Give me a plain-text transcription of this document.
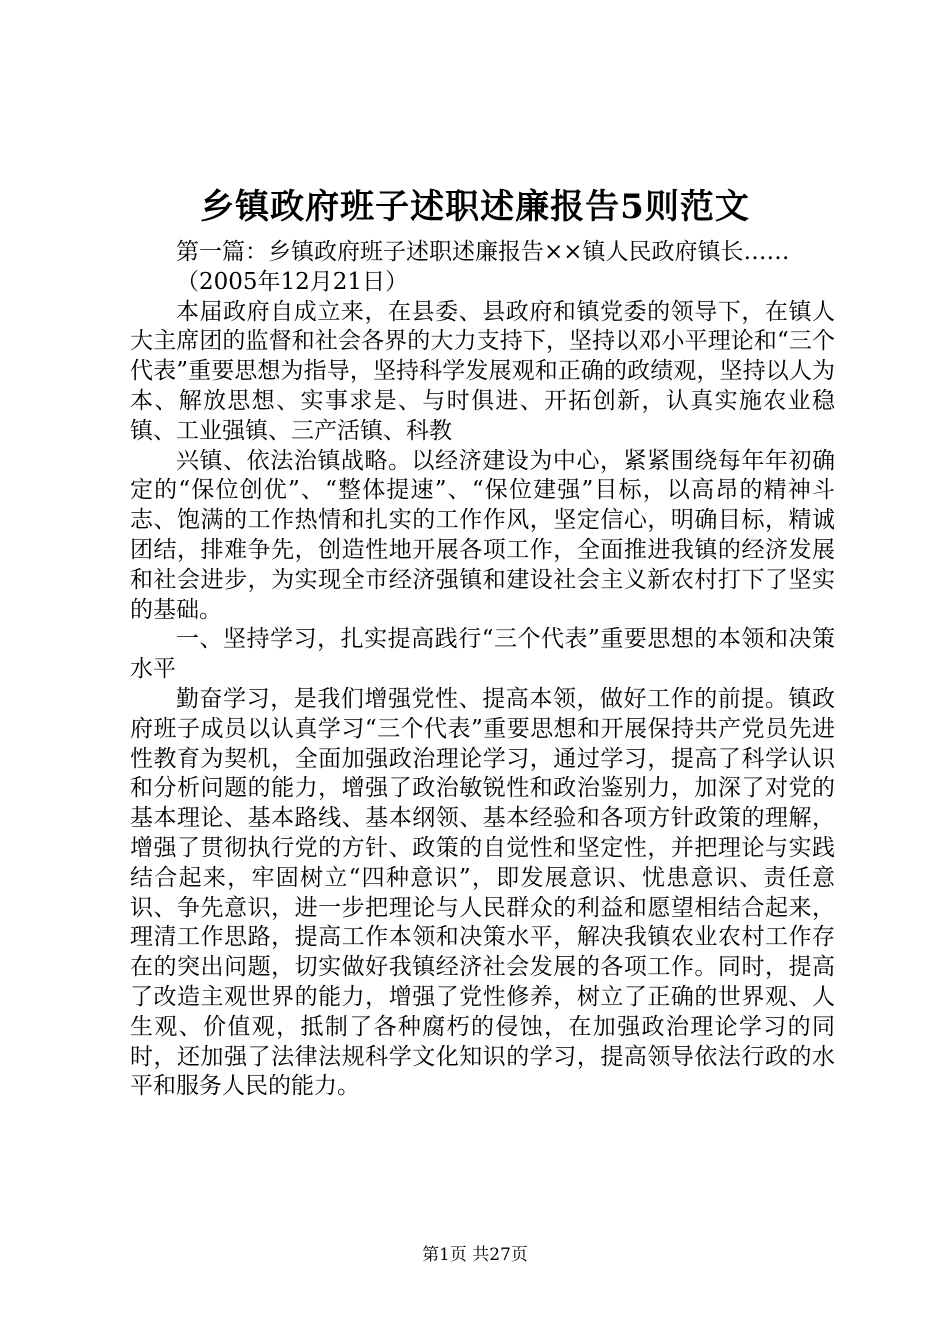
乡镇政府班子述职述廉报告5则范文

第一篇：乡镇政府班子述职述廉报告××镇人民政府镇长……

（2005年12月21日）

本届政府自成立来，在县委、县政府和镇党委的领导下，在镇人大主席团的监督和社会各界的大力支持下，坚持以邓小平理论和“三个代表”重要思想为指导，坚持科学发展观和正确的政绩观，坚持以人为本、解放思想、实事求是、与时俱进、开拓创新，认真实施农业稳镇、工业强镇、三产活镇、科教

兴镇、依法治镇战略。以经济建设为中心，紧紧围绕每年年初确定的“保位创优”、“整体提速”、“保位建强”目标，以高昂的精神斗志、饱满的工作热情和扎实的工作作风，坚定信心，明确目标，精诚团结，排难争先，创造性地开展各项工作，全面推进我镇的经济发展和社会进步，为实现全市经济强镇和建设社会主义新农村打下了坚实的基础。

一、坚持学习，扎实提高践行“三个代表”重要思想的本领和决策水平

勤奋学习，是我们增强党性、提高本领，做好工作的前提。镇政府班子成员以认真学习“三个代表”重要思想和开展保持共产党员先进性教育为契机，全面加强政治理论学习，通过学习，提高了科学认识和分析问题的能力，增强了政治敏锐性和政治鉴别力，加深了对党的基本理论、基本路线、基本纲领、基本经验和各项方针政策的理解，增强了贯彻执行党的方针、政策的自觉性和坚定性，并把理论与实践结合起来，牢固树立“四种意识”，即发展意识、忧患意识、责任意识、争先意识，进一步把理论与人民群众的利益和愿望相结合起来，理清工作思路，提高工作本领和决策水平，解决我镇农业农村工作存在的突出问题，切实做好我镇经济社会发展的各项工作。同时，提高了改造主观世界的能力，增强了党性修养，树立了正确的世界观、人生观、价值观，抵制了各种腐朽的侵蚀，在加强政治理论学习的同时，还加强了法律法规科学文化知识的学习，提高领导依法行政的水平和服务人民的能力。

第1页 共27页
